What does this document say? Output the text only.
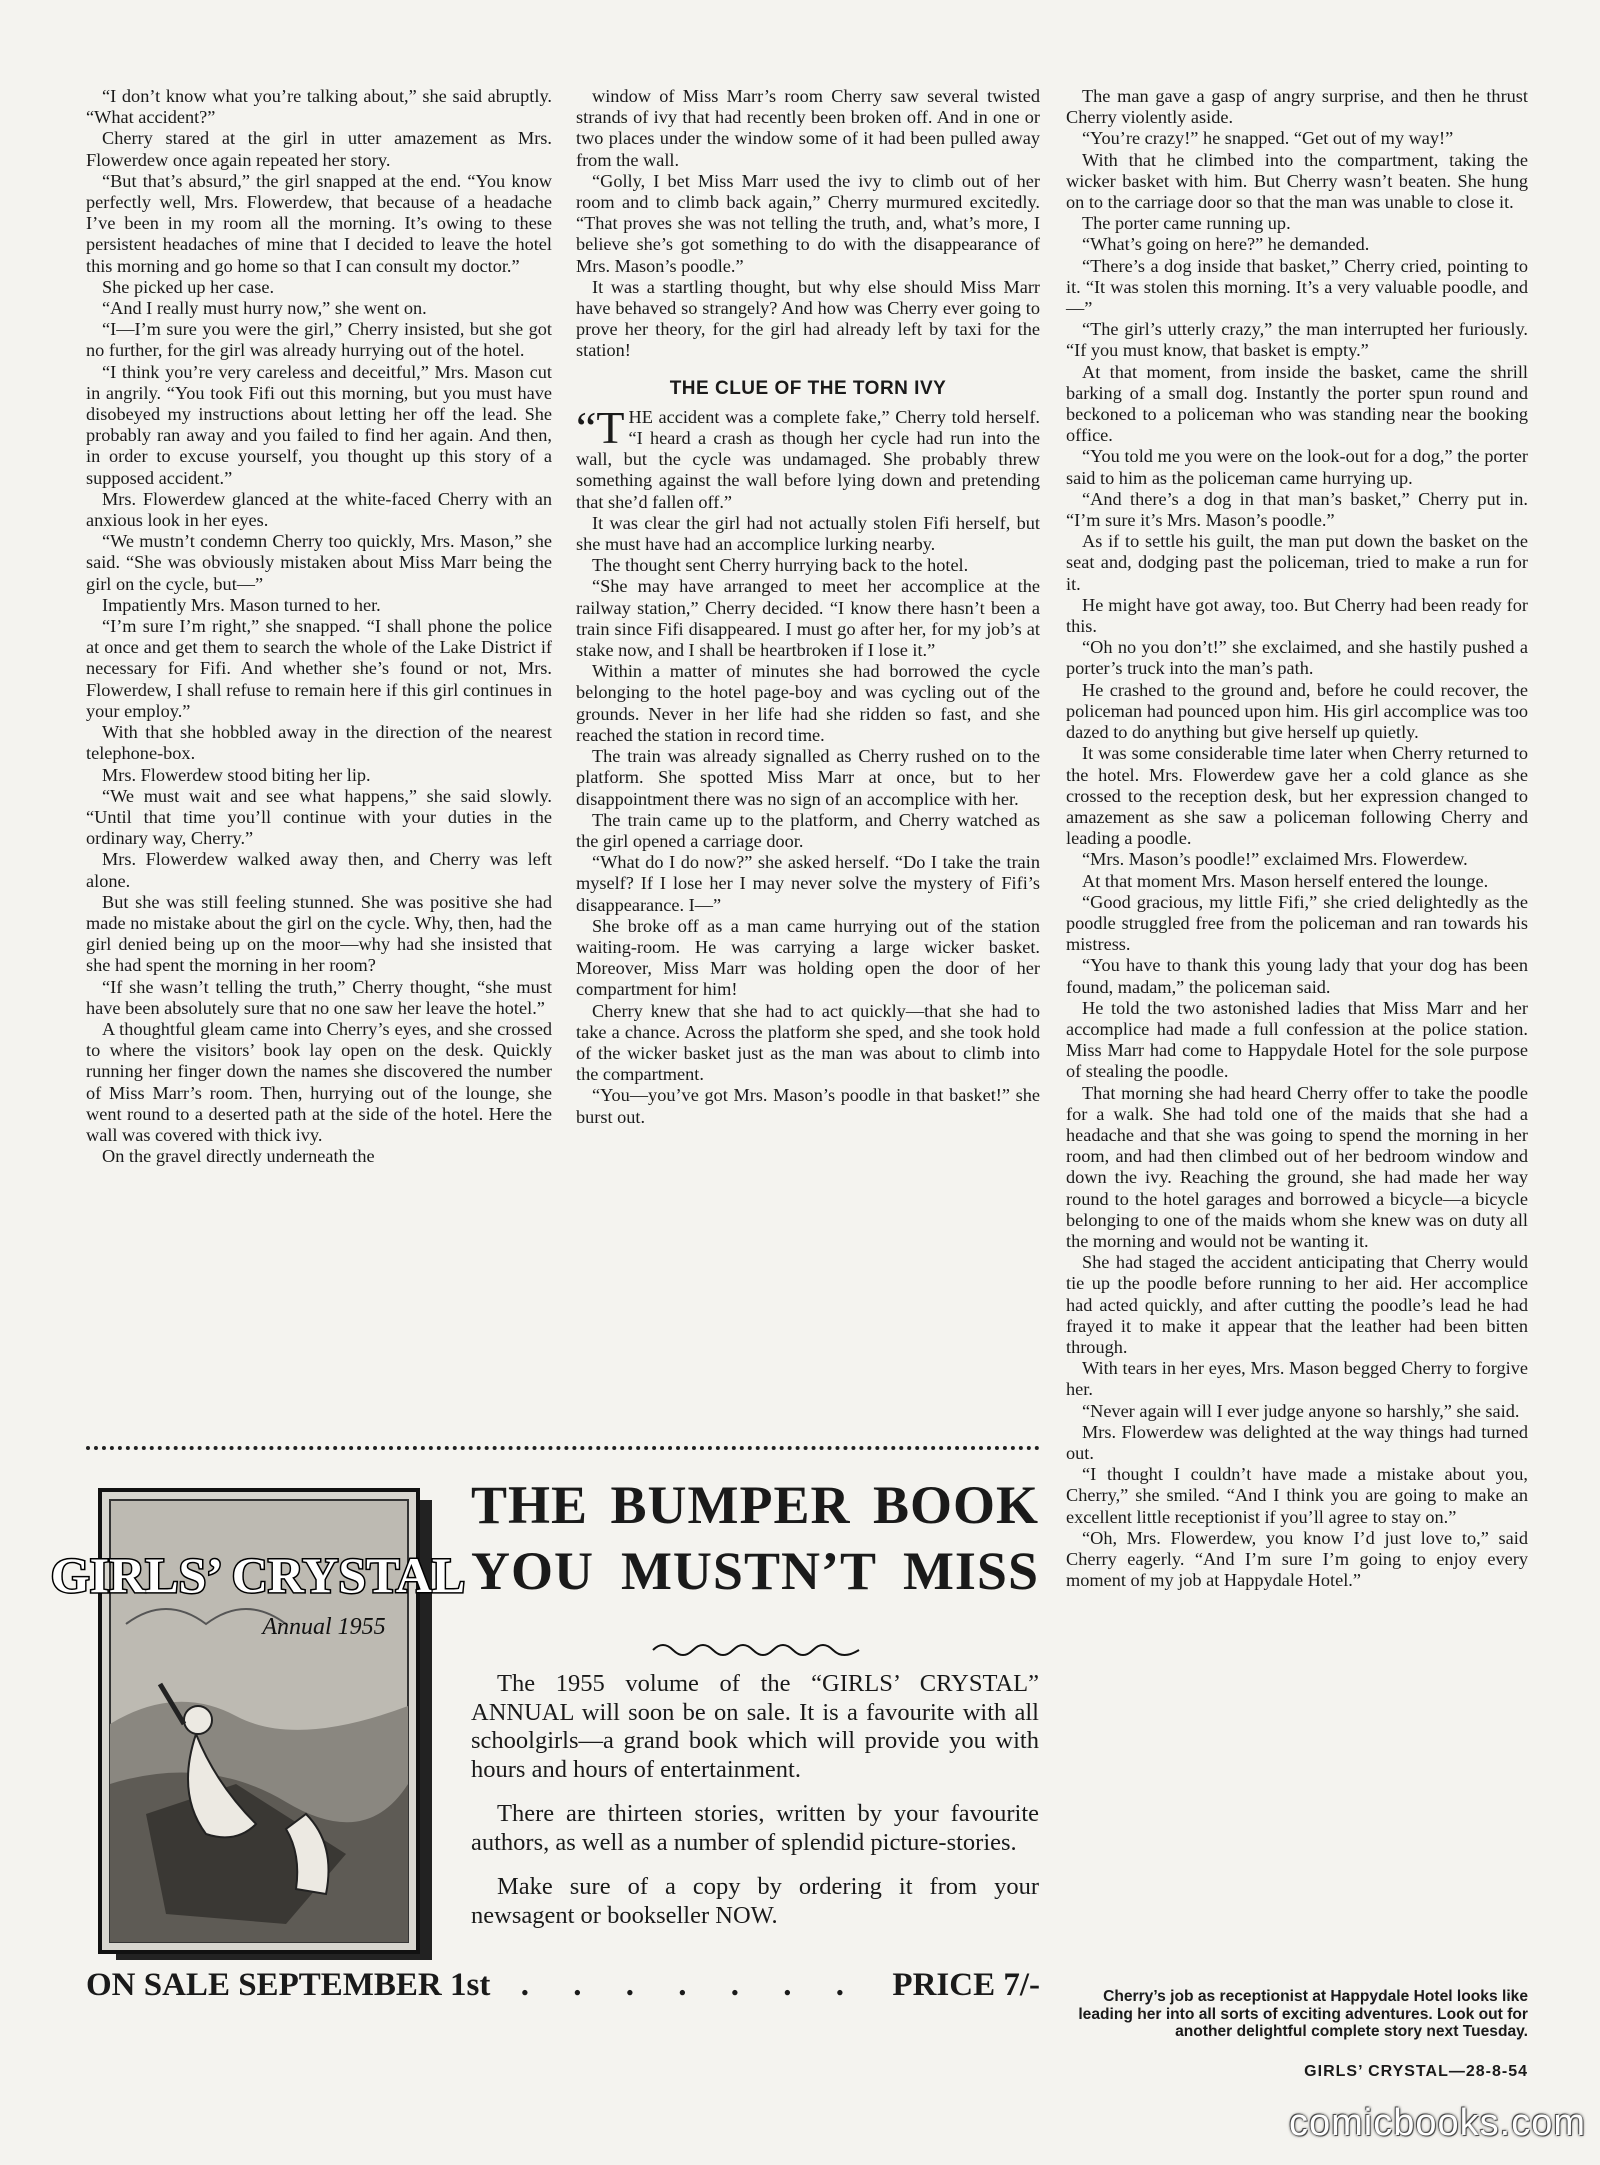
“I don’t know what you’re talking about,” she said abruptly. “What accident?”

Cherry stared at the girl in utter amazement as Mrs. Flowerdew once again repeated her story.

“But that’s absurd,” the girl snapped at the end. “You know perfectly well, Mrs. Flowerdew, that because of a headache I’ve been in my room all the morning. It’s owing to these persistent headaches of mine that I decided to leave the hotel this morning and go home so that I can consult my doctor.”

She picked up her case.

“And I really must hurry now,” she went on.

“I—I’m sure you were the girl,” Cherry insisted, but she got no further, for the girl was already hurrying out of the hotel.

“I think you’re very careless and deceitful,” Mrs. Mason cut in angrily. “You took Fifi out this morning, but you must have disobeyed my instructions about letting her off the lead. She probably ran away and you failed to find her again. And then, in order to excuse yourself, you thought up this story of a supposed accident.”

Mrs. Flowerdew glanced at the white-faced Cherry with an anxious look in her eyes.

“We mustn’t condemn Cherry too quickly, Mrs. Mason,” she said. “She was obviously mistaken about Miss Marr being the girl on the cycle, but—”

Impatiently Mrs. Mason turned to her.

“I’m sure I’m right,” she snapped. “I shall phone the police at once and get them to search the whole of the Lake District if necessary for Fifi. And whether she’s found or not, Mrs. Flowerdew, I shall refuse to remain here if this girl continues in your employ.”

With that she hobbled away in the direction of the nearest telephone-box.

Mrs. Flowerdew stood biting her lip.

“We must wait and see what happens,” she said slowly. “Until that time you’ll continue with your duties in the ordinary way, Cherry.”

Mrs. Flowerdew walked away then, and Cherry was left alone.

But she was still feeling stunned. She was positive she had made no mistake about the girl on the cycle. Why, then, had the girl denied being up on the moor—why had she insisted that she had spent the morning in her room?

“If she wasn’t telling the truth,” Cherry thought, “she must have been absolutely sure that no one saw her leave the hotel.”

A thoughtful gleam came into Cherry’s eyes, and she crossed to where the visitors’ book lay open on the desk. Quickly running her finger down the names she discovered the number of Miss Marr’s room. Then, hurrying out of the lounge, she went round to a deserted path at the side of the hotel. Here the wall was covered with thick ivy.

On the gravel directly underneath the

window of Miss Marr’s room Cherry saw several twisted strands of ivy that had recently been broken off. And in one or two places under the window some of it had been pulled away from the wall.

“Golly, I bet Miss Marr used the ivy to climb out of her room and to climb back again,” Cherry murmured excitedly. “That proves she was not telling the truth, and, what’s more, I believe she’s got something to do with the disappearance of Mrs. Mason’s poodle.”

It was a startling thought, but why else should Miss Marr have behaved so strangely? And how was Cherry ever going to prove her theory, for the girl had already left by taxi for the station!

THE CLUE OF THE TORN IVY

“THE accident was a complete fake,” Cherry told herself. “I heard a crash as though her cycle had run into the wall, but the cycle was undamaged. She probably threw something against the wall before lying down and pretending that she’d fallen off.”

It was clear the girl had not actually stolen Fifi herself, but she must have had an accomplice lurking nearby.

The thought sent Cherry hurrying back to the hotel.

“She may have arranged to meet her accomplice at the railway station,” Cherry decided. “I know there hasn’t been a train since Fifi disappeared. I must go after her, for my job’s at stake now, and I shall be heartbroken if I lose it.”

Within a matter of minutes she had borrowed the cycle belonging to the hotel page-boy and was cycling out of the grounds. Never in her life had she ridden so fast, and she reached the station in record time.

The train was already signalled as Cherry rushed on to the platform. She spotted Miss Marr at once, but to her disappointment there was no sign of an accomplice with her.

The train came up to the platform, and Cherry watched as the girl opened a carriage door.

“What do I do now?” she asked herself. “Do I take the train myself? If I lose her I may never solve the mystery of Fifi’s disappearance. I—”

She broke off as a man came hurrying out of the station waiting-room. He was carrying a large wicker basket. Moreover, Miss Marr was holding open the door of her compartment for him!

Cherry knew that she had to act quickly—that she had to take a chance. Across the platform she sped, and she took hold of the wicker basket just as the man was about to climb into the compartment.

“You—you’ve got Mrs. Mason’s poodle in that basket!” she burst out.

The man gave a gasp of angry surprise, and then he thrust Cherry violently aside.

“You’re crazy!” he snapped. “Get out of my way!”

With that he climbed into the compartment, taking the wicker basket with him. But Cherry wasn’t beaten. She hung on to the carriage door so that the man was unable to close it.

The porter came running up.

“What’s going on here?” he demanded.

“There’s a dog inside that basket,” Cherry cried, pointing to it. “It was stolen this morning. It’s a very valuable poodle, and—”

“The girl’s utterly crazy,” the man interrupted her furiously. “If you must know, that basket is empty.”

At that moment, from inside the basket, came the shrill barking of a small dog. Instantly the porter spun round and beckoned to a policeman who was standing near the booking office.

“You told me you were on the look-out for a dog,” the porter said to him as the policeman came hurrying up.

“And there’s a dog in that man’s basket,” Cherry put in. “I’m sure it’s Mrs. Mason’s poodle.”

As if to settle his guilt, the man put down the basket on the seat and, dodging past the policeman, tried to make a run for it.

He might have got away, too. But Cherry had been ready for this.

“Oh no you don’t!” she exclaimed, and she hastily pushed a porter’s truck into the man’s path.

He crashed to the ground and, before he could recover, the policeman had pounced upon him. His girl accomplice was too dazed to do anything but give herself up quietly.

It was some considerable time later when Cherry returned to the hotel. Mrs. Flowerdew gave her a cold glance as she crossed to the reception desk, but her expression changed to amazement as she saw a policeman following Cherry and leading a poodle.

“Mrs. Mason’s poodle!” exclaimed Mrs. Flowerdew.

At that moment Mrs. Mason herself entered the lounge.

“Good gracious, my little Fifi,” she cried delightedly as the poodle struggled free from the policeman and ran towards his mistress.

“You have to thank this young lady that your dog has been found, madam,” the policeman said.

He told the two astonished ladies that Miss Marr and her accomplice had made a full confession at the police station. Miss Marr had come to Happydale Hotel for the sole purpose of stealing the poodle.

That morning she had heard Cherry offer to take the poodle for a walk. She had told one of the maids that she had a headache and that she was going to spend the morning in her room, and had then climbed out of her bedroom window and down the ivy. Reaching the ground, she had made her way round to the hotel garages and borrowed a bicycle—a bicycle belonging to one of the maids whom she knew was on duty all the morning and would not be wanting it.

She had staged the accident anticipating that Cherry would tie up the poodle before running to her aid. Her accomplice had acted quickly, and after cutting the poodle’s lead he had frayed it to make it appear that the leather had been bitten through.

With tears in her eyes, Mrs. Mason begged Cherry to forgive her.

“Never again will I ever judge anyone so harshly,” she said.

Mrs. Flowerdew was delighted at the way things had turned out.

“I thought I couldn’t have made a mistake about you, Cherry,” she smiled. “And I think you are going to make an excellent little receptionist if you’ll agree to stay on.”

“Oh, Mrs. Flowerdew, you know I’d just love to,” said Cherry eagerly. “And I’m sure I’m going to enjoy every moment of my job at Happydale Hotel.”

GIRLS’ CRYSTAL
Annual 1955
THE BUMPER BOOK
YOU MUSTN’T MISS

The 1955 volume of the “GIRLS’ CRYSTAL” ANNUAL will soon be on sale. It is a favourite with all schoolgirls—a grand book which will provide you with hours and hours of entertainment.

There are thirteen stories, written by your favourite authors, as well as a number of splendid picture-stories.

Make sure of a copy by ordering it from your newsagent or bookseller NOW.

ON SALE SEPTEMBER 1st . . . . . . . PRICE 7/-	Cherry’s job as receptionist at Happydale Hotel looks like leading her into all sorts of exciting adventures. Look out for another delightful complete story next Tuesday.
GIRLS’ CRYSTAL—28-8-54
comicbooks.com
